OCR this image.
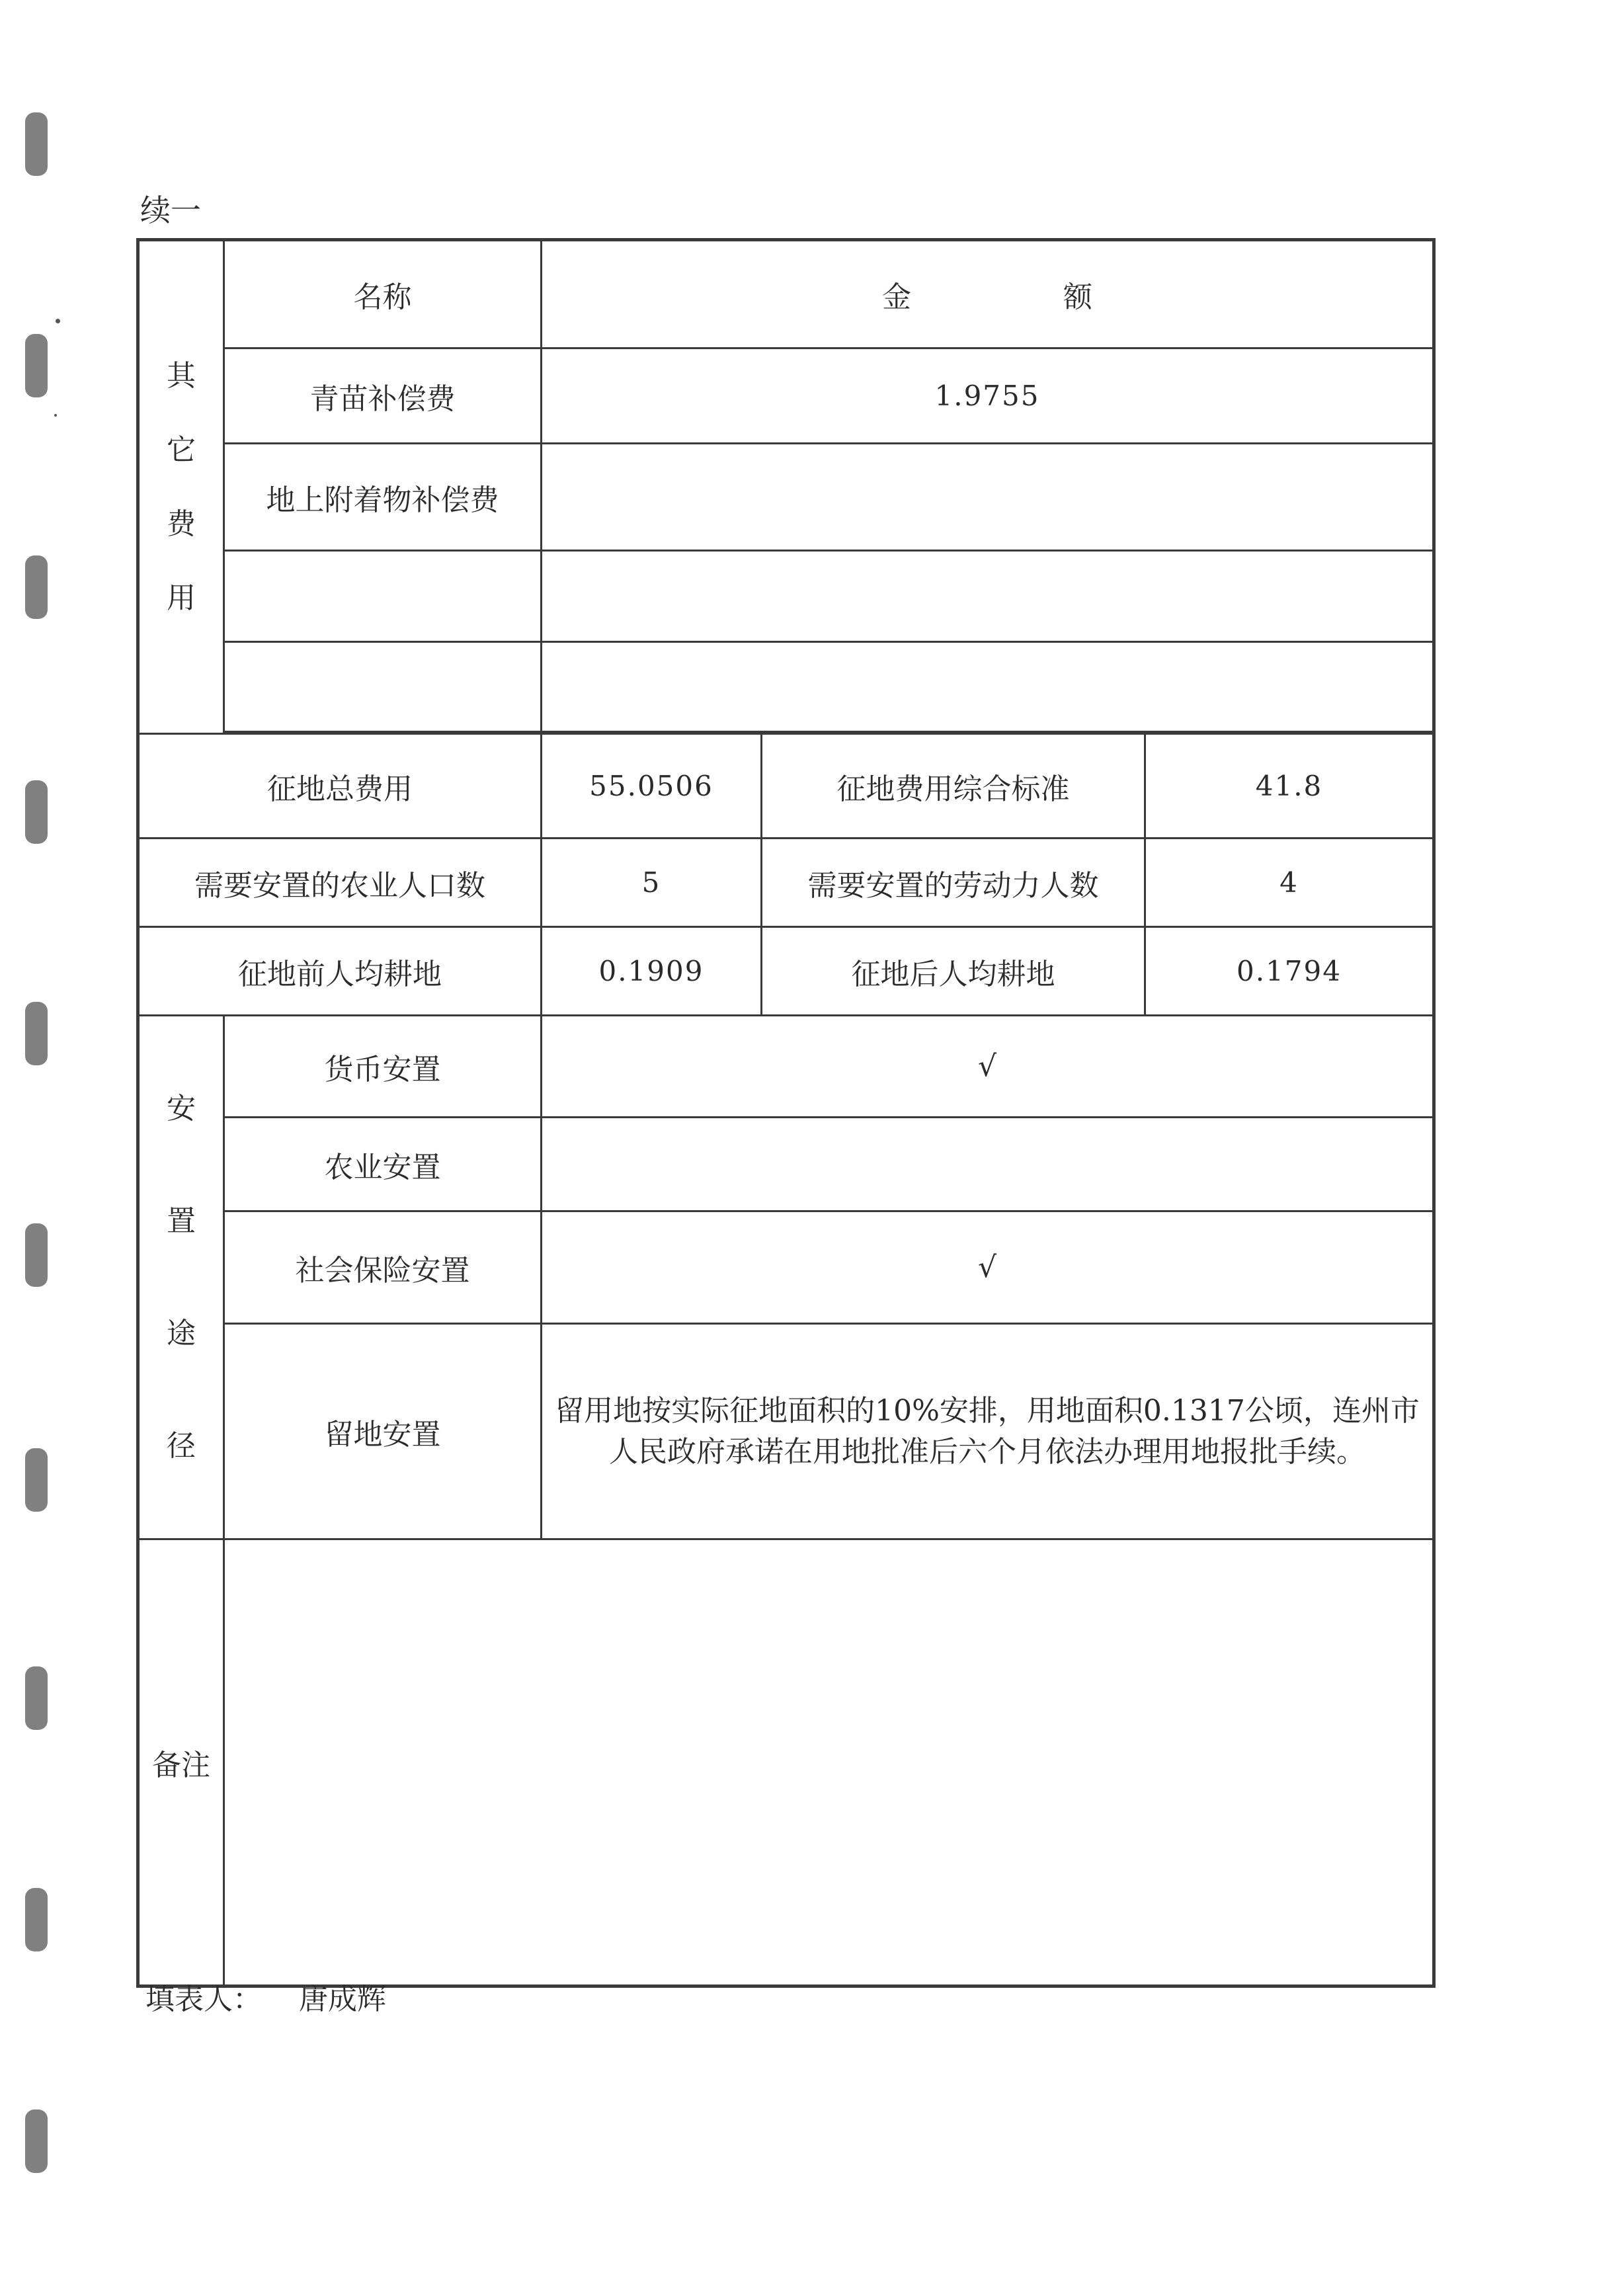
续一
其它费用	名称	金 额		
	青苗补偿费	1.9755		
	地上附着物补偿费			

征地总费用		55.0506	征地费用综合标准	41.8
需要安置的农业人口数		5	需要安置的劳动力人数	4
征地前人均耕地		0.1909	征地后人均耕地	0.1794
安
置
途
径	货币安置	√		
	农业安置			
	社会保险安置	√		
	留地安置	留用地按实际征地面积的10%安排，用地面积0.1317公顷，连州市人民政府承诺在用地批准后六个月依法办理用地报批手续。		

备注				
填表人： 唐成辉
